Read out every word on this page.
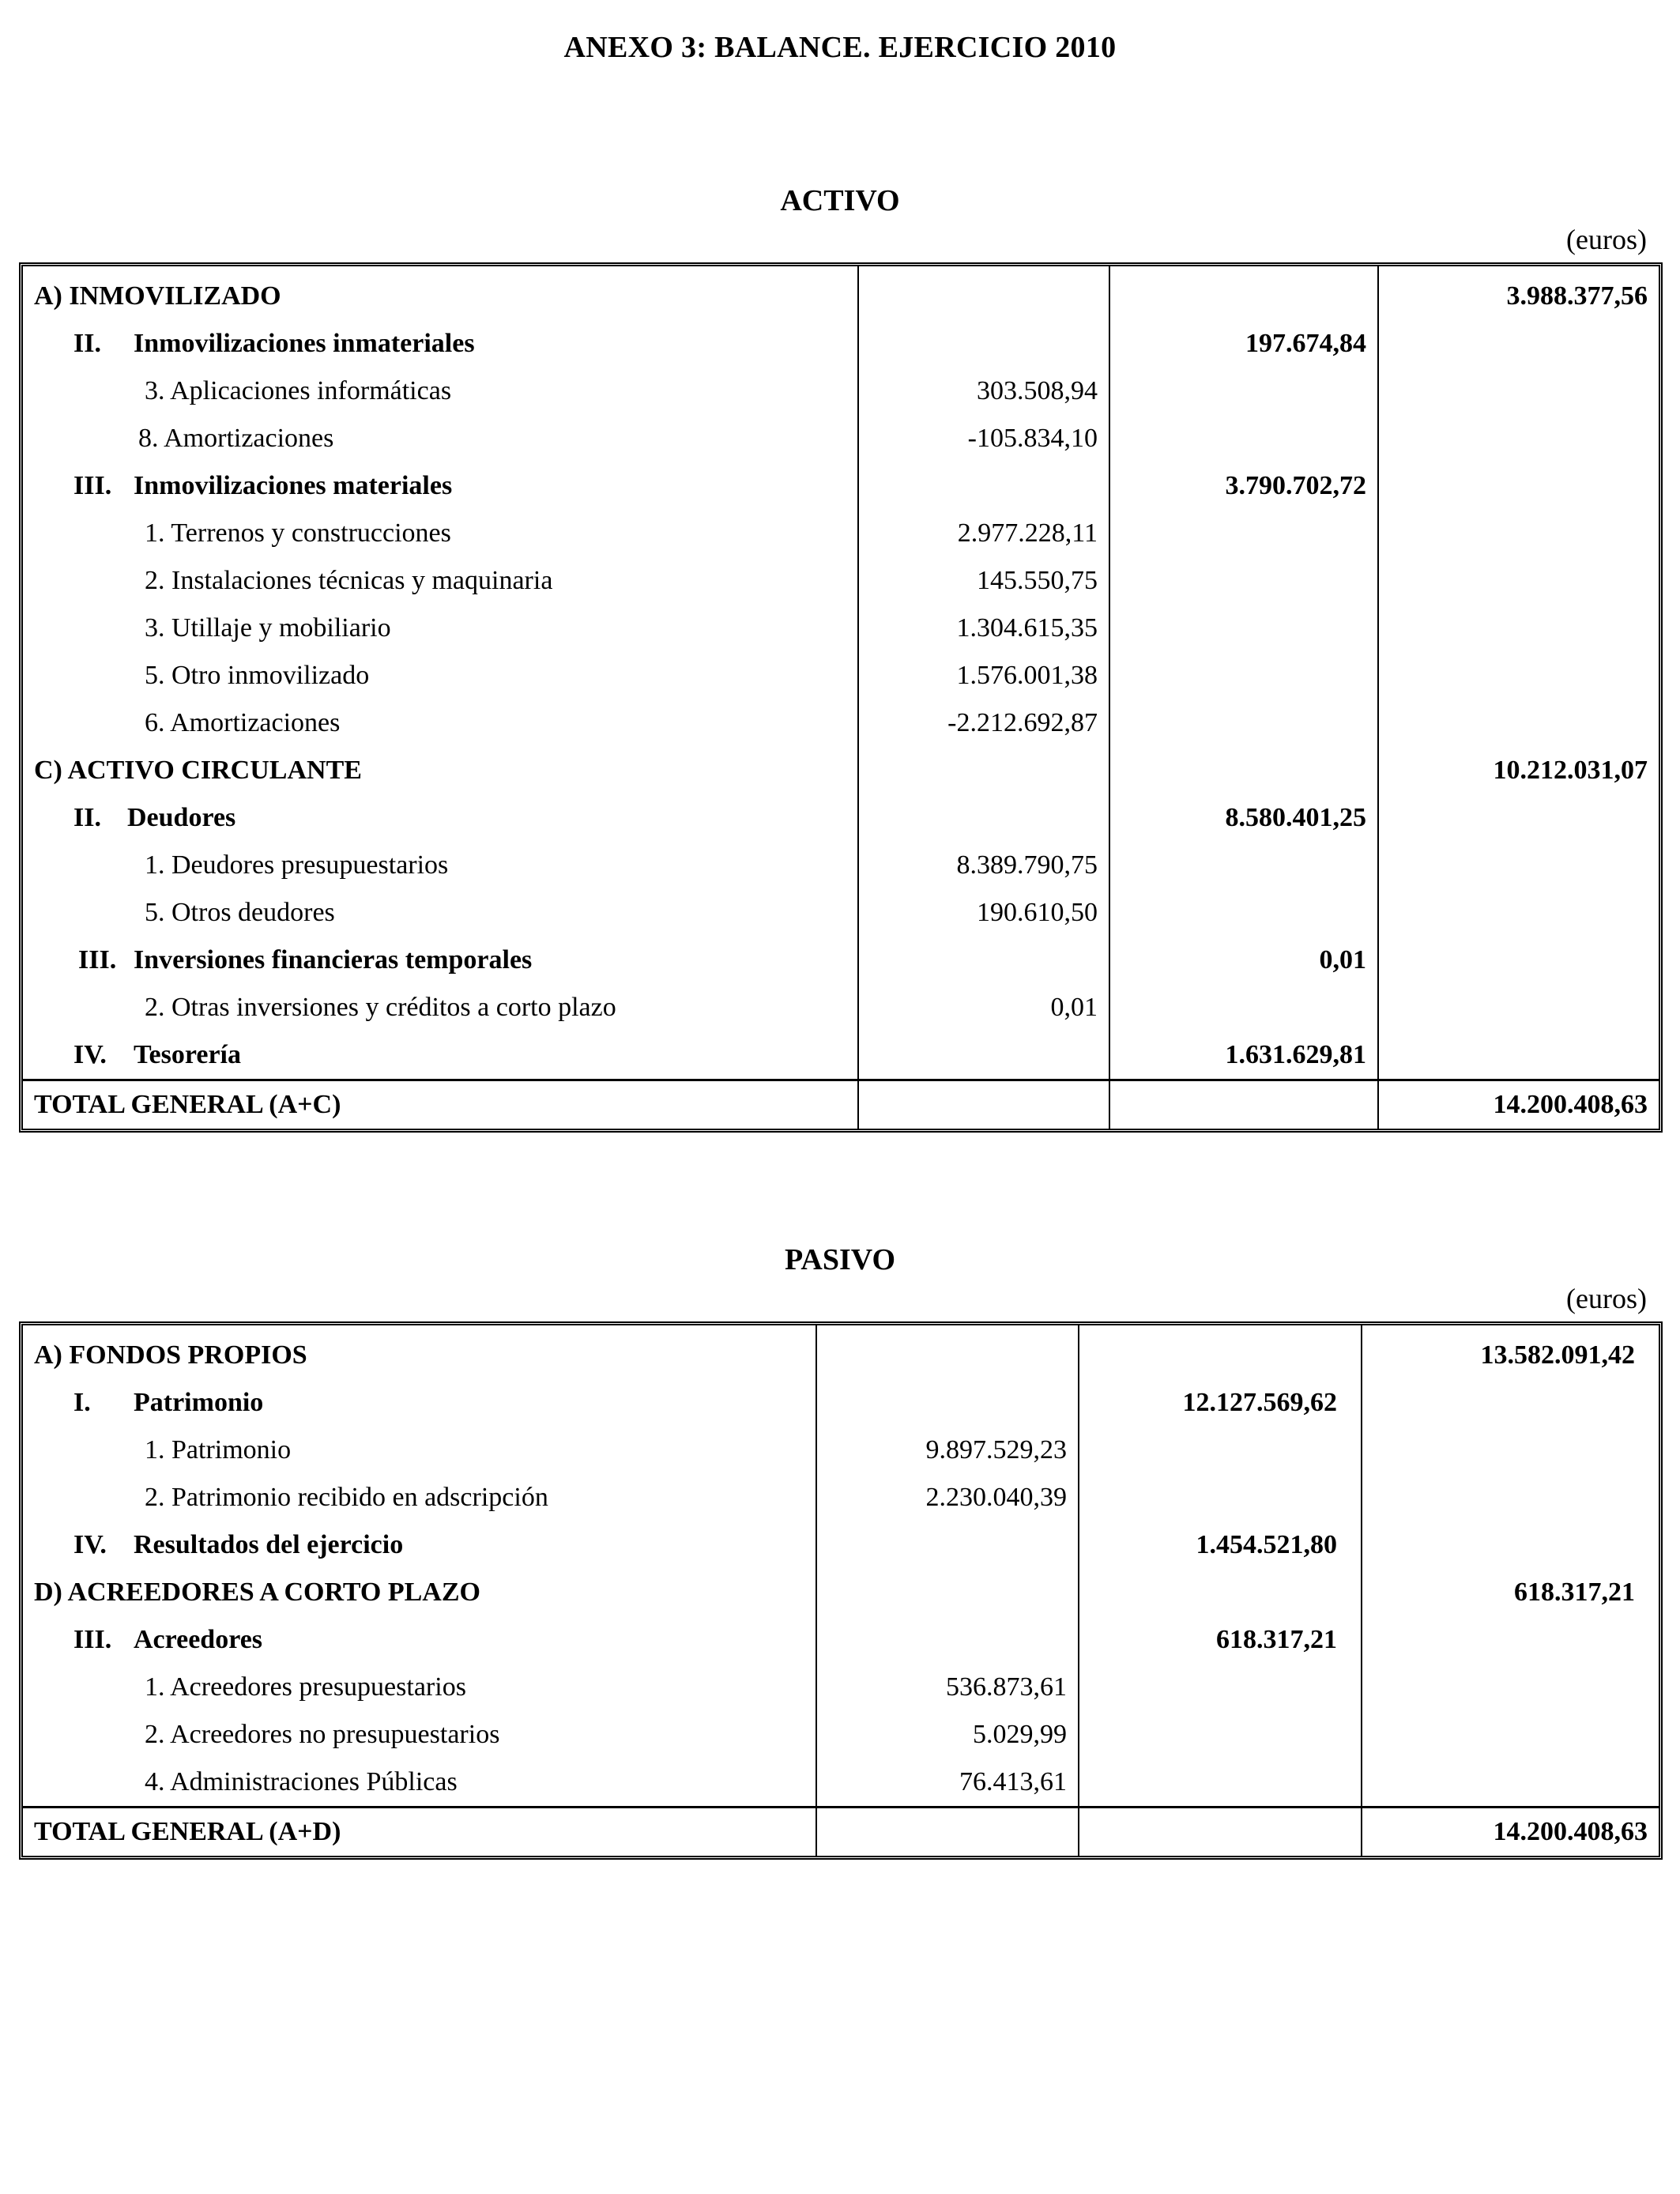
ANEXO 3: BALANCE. EJERCICIO 2010
ACTIVO
(euros)
A) INMOVILIZADO			3.988.377,56
II. Inmovilizaciones inmateriales		197.674,84	
3. Aplicaciones informáticas	303.508,94		
8. Amortizaciones	-105.834,10		
III. Inmovilizaciones materiales		3.790.702,72	
1. Terrenos y construcciones	2.977.228,11		
2. Instalaciones técnicas y maquinaria	145.550,75		
3. Utillaje y mobiliario	1.304.615,35		
5. Otro inmovilizado	1.576.001,38		
6. Amortizaciones	-2.212.692,87		
C) ACTIVO CIRCULANTE			10.212.031,07
II. Deudores		8.580.401,25	
1. Deudores presupuestarios	8.389.790,75		
5. Otros deudores	190.610,50		
III. Inversiones financieras temporales		0,01	
2. Otras inversiones y créditos a corto plazo	0,01		
IV. Tesorería		1.631.629,81	
TOTAL GENERAL (A+C)			14.200.408,63
PASIVO
(euros)
A) FONDOS PROPIOS			13.582.091,42
I. Patrimonio		12.127.569,62	
1. Patrimonio	9.897.529,23		
2. Patrimonio recibido en adscripción	2.230.040,39		
IV. Resultados del ejercicio		1.454.521,80	
D) ACREEDORES A CORTO PLAZO			618.317,21
III. Acreedores		618.317,21	
1. Acreedores presupuestarios	536.873,61		
2. Acreedores no presupuestarios	5.029,99		
4. Administraciones Públicas	76.413,61		
TOTAL GENERAL (A+D)			14.200.408,63
